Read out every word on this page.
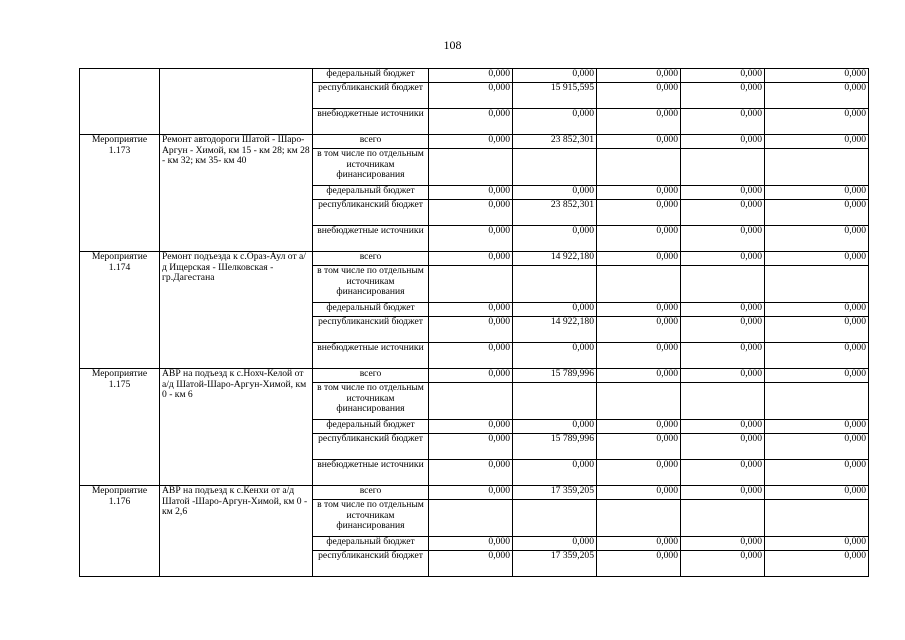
108
		федеральный бюджет	0,000	0,000	0,000	0,000	0,000
		республиканский бюджет	0,000	15 915,595	0,000	0,000	0,000
		внебюджетные источники	0,000	0,000	0,000	0,000	0,000
Мероприятие 1.173	Ремонт автодороги Шатой - Шаро-Аргун - Химой, км 15 - км 28; км 28 - км 32; км 35- км 40	всего	0,000	23 852,301	0,000	0,000	0,000
		в том числе по отдельным источникам финансирования					
		федеральный бюджет	0,000	0,000	0,000	0,000	0,000
		республиканский бюджет	0,000	23 852,301	0,000	0,000	0,000
		внебюджетные источники	0,000	0,000	0,000	0,000	0,000
Мероприятие 1.174	Ремонт подъезда к с.Ораз-Аул от а/д Ищерская - Шелковская - гр.Дагестана	всего	0,000	14 922,180	0,000	0,000	0,000
		в том числе по отдельным источникам финансирования					
		федеральный бюджет	0,000	0,000	0,000	0,000	0,000
		республиканский бюджет	0,000	14 922,180	0,000	0,000	0,000
		внебюджетные источники	0,000	0,000	0,000	0,000	0,000
Мероприятие 1.175	АВР на подъезд к с.Нохч-Келой от а/д Шатой-Шаро-Аргун-Химой, км 0 - км 6	всего	0,000	15 789,996	0,000	0,000	0,000
		в том числе по отдельным источникам финансирования					
		федеральный бюджет	0,000	0,000	0,000	0,000	0,000
		республиканский бюджет	0,000	15 789,996	0,000	0,000	0,000
		внебюджетные источники	0,000	0,000	0,000	0,000	0,000
Мероприятие 1.176	АВР на подъезд к с.Кенхи от а/д Шатой -Шаро-Аргун-Химой, км 0 - км 2,6	всего	0,000	17 359,205	0,000	0,000	0,000
		в том числе по отдельным источникам финансирования					
		федеральный бюджет	0,000	0,000	0,000	0,000	0,000
		республиканский бюджет	0,000	17 359,205	0,000	0,000	0,000
